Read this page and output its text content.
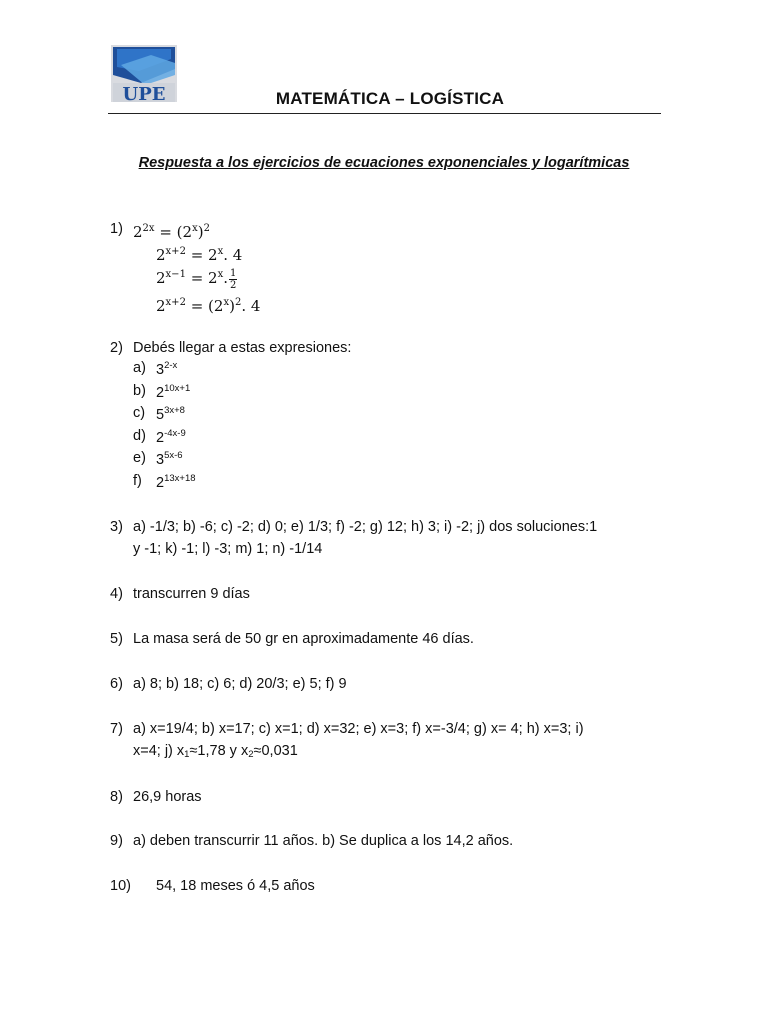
UPE	MATEMÁTICA – LOGÍSTICA
Respuesta a los ejercicios de ecuaciones exponenciales y logarítmicas
1) $2^{2x} = (2^x)^2$
$2^{x+2} = 2^x$. 4
$2^{x-1} = 2^x$. $\frac{1}{2}$
$2^{x+2} = (2^x)^2$. 4
2) Debés llegar a estas expresiones:
a) 3$^{2-x}$
b) $2^{10x+1}$
c) $5^{3x+8}$
d) $2^{-4x-9}$
e) $3^{5x-6}$
f) $2^{13x+18}$
3) a) -1/3; b) -6; c) -2; d) 0; e) 1/3; f) -2; g) 12; h) 3; i) -2; j) dos soluciones:1
y -1; k) -1; l) -3; m) 1; n) -1/14
4) transcurren 9 días
5) La masa será de 50 gr en aproximadamente 46 días.
6) a) 8; b) 18; c) 6; d) 20/3; e) 5; f) 9
7) a) x=19/4; b) x=17; c) x=1; d) x=32; e) x=3; f) x=-3/4; g) x= 4; h) x=3; i)
x=4; j) $x_1\approx 1,78$ y $x_2\approx 0,031$
8) 26,9 horas
9) a) deben transcurrir 11 años. b) Se duplica a los 14,2 años.
10) 54, 18 meses ó 4,5 años
